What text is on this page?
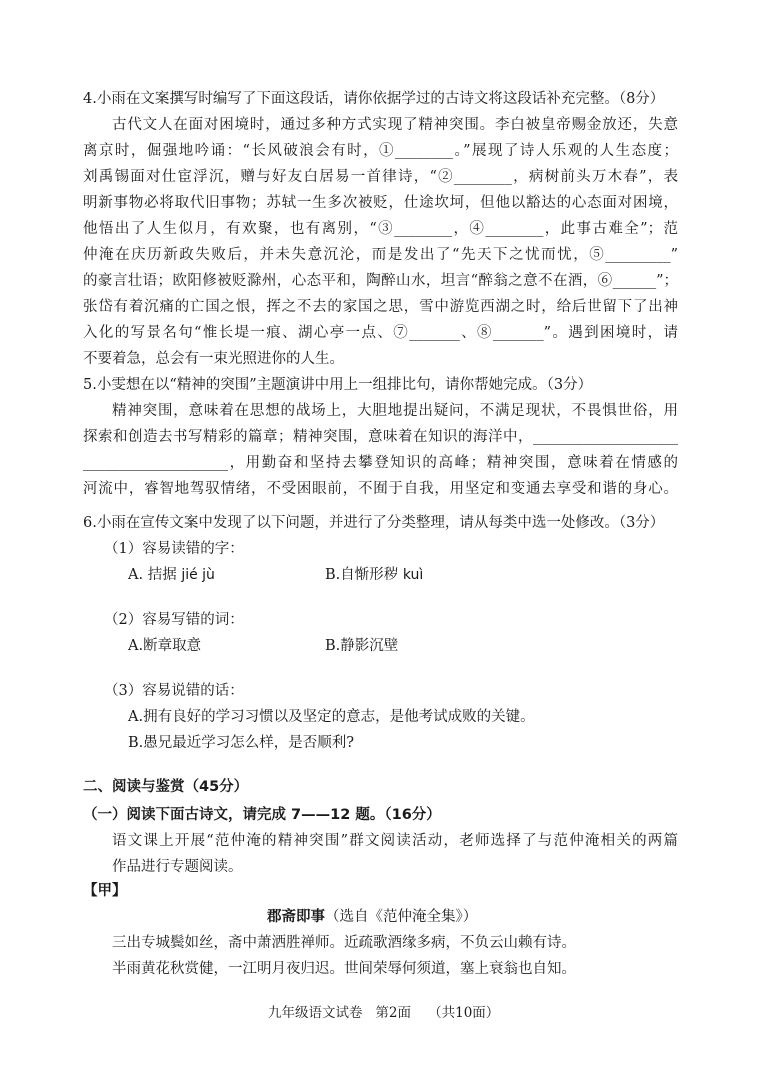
4.小雨在文案撰写时编写了下面这段话，请你依据学过的古诗文将这段话补充完整。（8分）
古代文人在面对困境时，通过多种方式实现了精神突围。李白被皇帝赐金放还，失意
离京时，倔强地吟诵：“长风破浪会有时，①________。”展现了诗人乐观的人生态度；
刘禹锡面对仕宦浮沉，赠与好友白居易一首律诗，“②________，病树前头万木春”，表
明新事物必将取代旧事物；苏轼一生多次被贬，仕途坎坷，但他以豁达的心态面对困境，
他悟出了人生似月，有欢聚，也有离别，“③________，④________，此事古难全”；范
仲淹在庆历新政失败后，并未失意沉沦，而是发出了“先天下之忧而忧，⑤_________”
的豪言壮语；欧阳修被贬滁州，心态平和，陶醉山水，坦言“醉翁之意不在酒，⑥______”；
张岱有着沉痛的亡国之恨，挥之不去的家国之思，雪中游览西湖之时，给后世留下了出神
入化的写景名句“惟长堤一痕、湖心亭一点、⑦_______、⑧_______”。遇到困境时，请
不要着急，总会有一束光照进你的人生。
5.小雯想在以“精神的突围”主题演讲中用上一组排比句，请你帮她完成。（3分）
精神突围，意味着在思想的战场上，大胆地提出疑问，不满足现状，不畏惧世俗，用
探索和创造去书写精彩的篇章；精神突围，意味着在知识的海洋中，____________________
____________________，用勤奋和坚持去攀登知识的高峰；精神突围，意味着在情感的
河流中，睿智地驾驭情绪，不受困眼前，不囿于自我，用坚定和变通去享受和谐的身心。
6.小雨在宣传文案中发现了以下问题，并进行了分类整理，请从每类中选一处修改。（3分）
（1）容易读错的字：
A. 拮据 jié jù	B.自惭形秽 kuì
（2）容易写错的词：
A.断章取意	B.静影沉壁
（3）容易说错的话：
A.拥有良好的学习习惯以及坚定的意志，是他考试成败的关键。
B.愚兄最近学习怎么样，是否顺利?
二、阅读与鉴赏（45分）
（一）阅读下面古诗文，请完成 7——12 题。（16分）
语文课上开展“范仲淹的精神突围”群文阅读活动，老师选择了与范仲淹相关的两篇
作品进行专题阅读。
【甲】
郡斋即事（选自《范仲淹全集》）
三出专城鬓如丝，斋中萧洒胜禅师。近疏歌酒缘多病，不负云山赖有诗。
半雨黄花秋赏健，一江明月夜归迟。世间荣辱何须道，塞上衰翁也自知。
九年级语文试卷   第2面    （共10面）
